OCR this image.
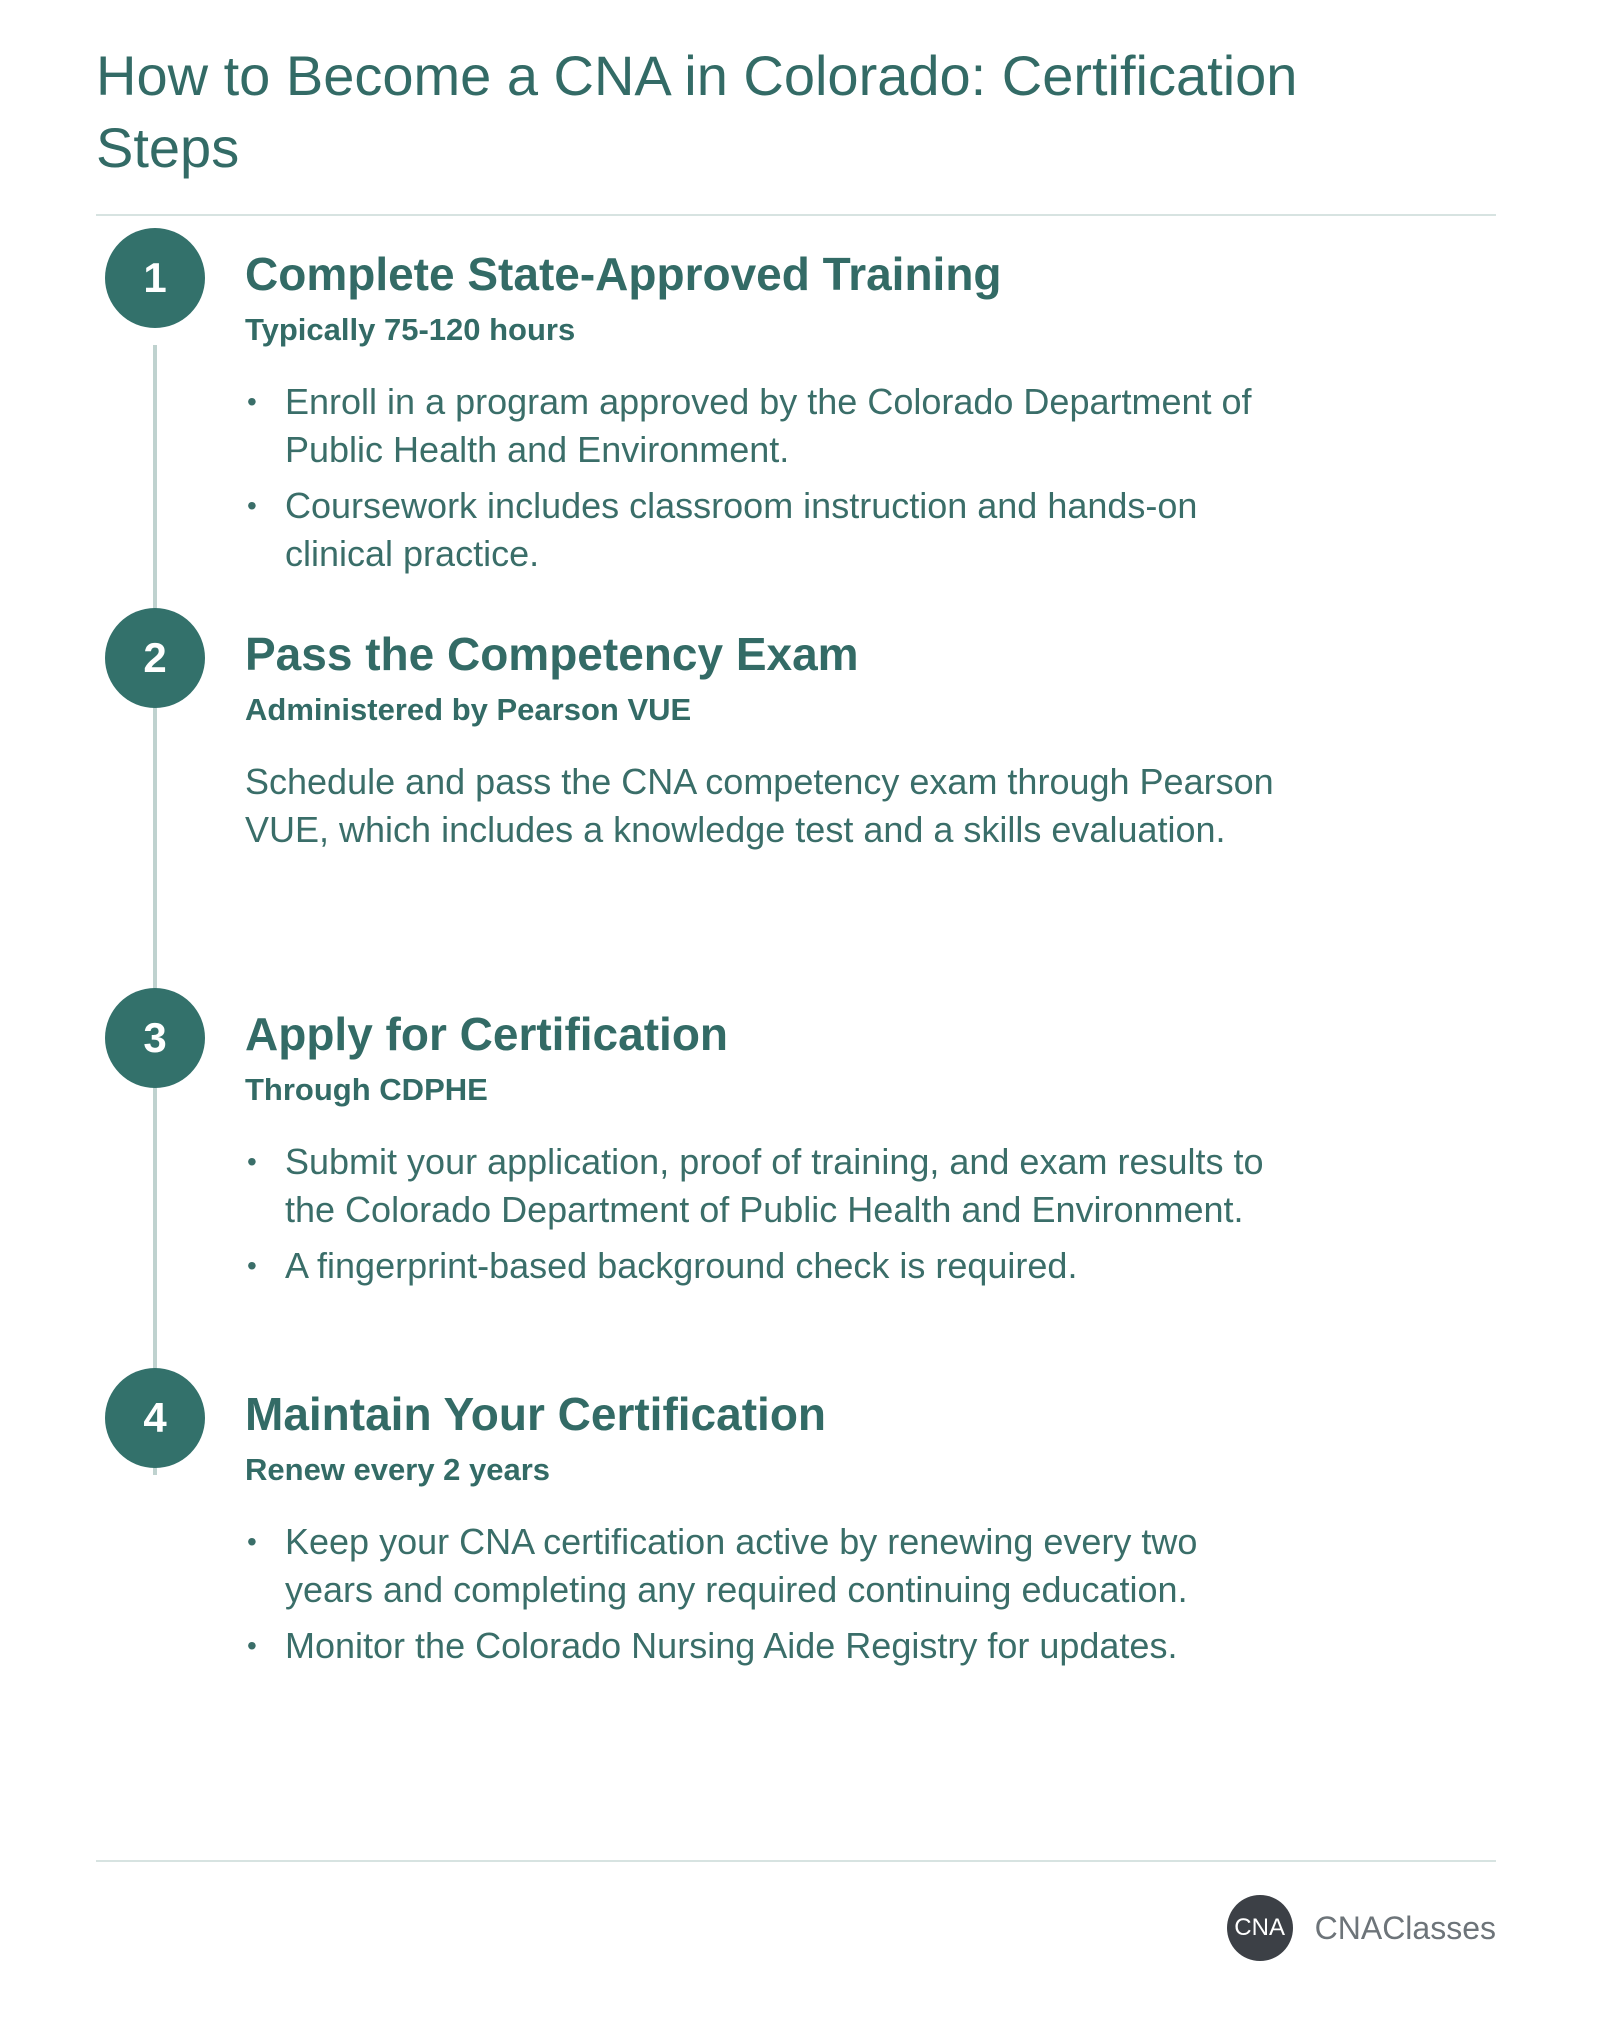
How to Become a CNA in Colorado: Certification Steps
1	Complete State-Approved Training

Typically 75-120 hours

• Enroll in a program approved by the Colorado Department of Public Health and Environment.
• Coursework includes classroom instruction and hands-on clinical practice.
2	Pass the Competency Exam

Administered by Pearson VUE

Schedule and pass the CNA competency exam through Pearson VUE, which includes a knowledge test and a skills evaluation.

3	Apply for Certification

Through CDPHE

• Submit your application, proof of training, and exam results to the Colorado Department of Public Health and Environment.
• A fingerprint-based background check is required.
4	Maintain Your Certification

Renew every 2 years

• Keep your CNA certification active by renewing every two years and completing any required continuing education.
• Monitor the Colorado Nursing Aide Registry for updates.
CNA CNAClasses
